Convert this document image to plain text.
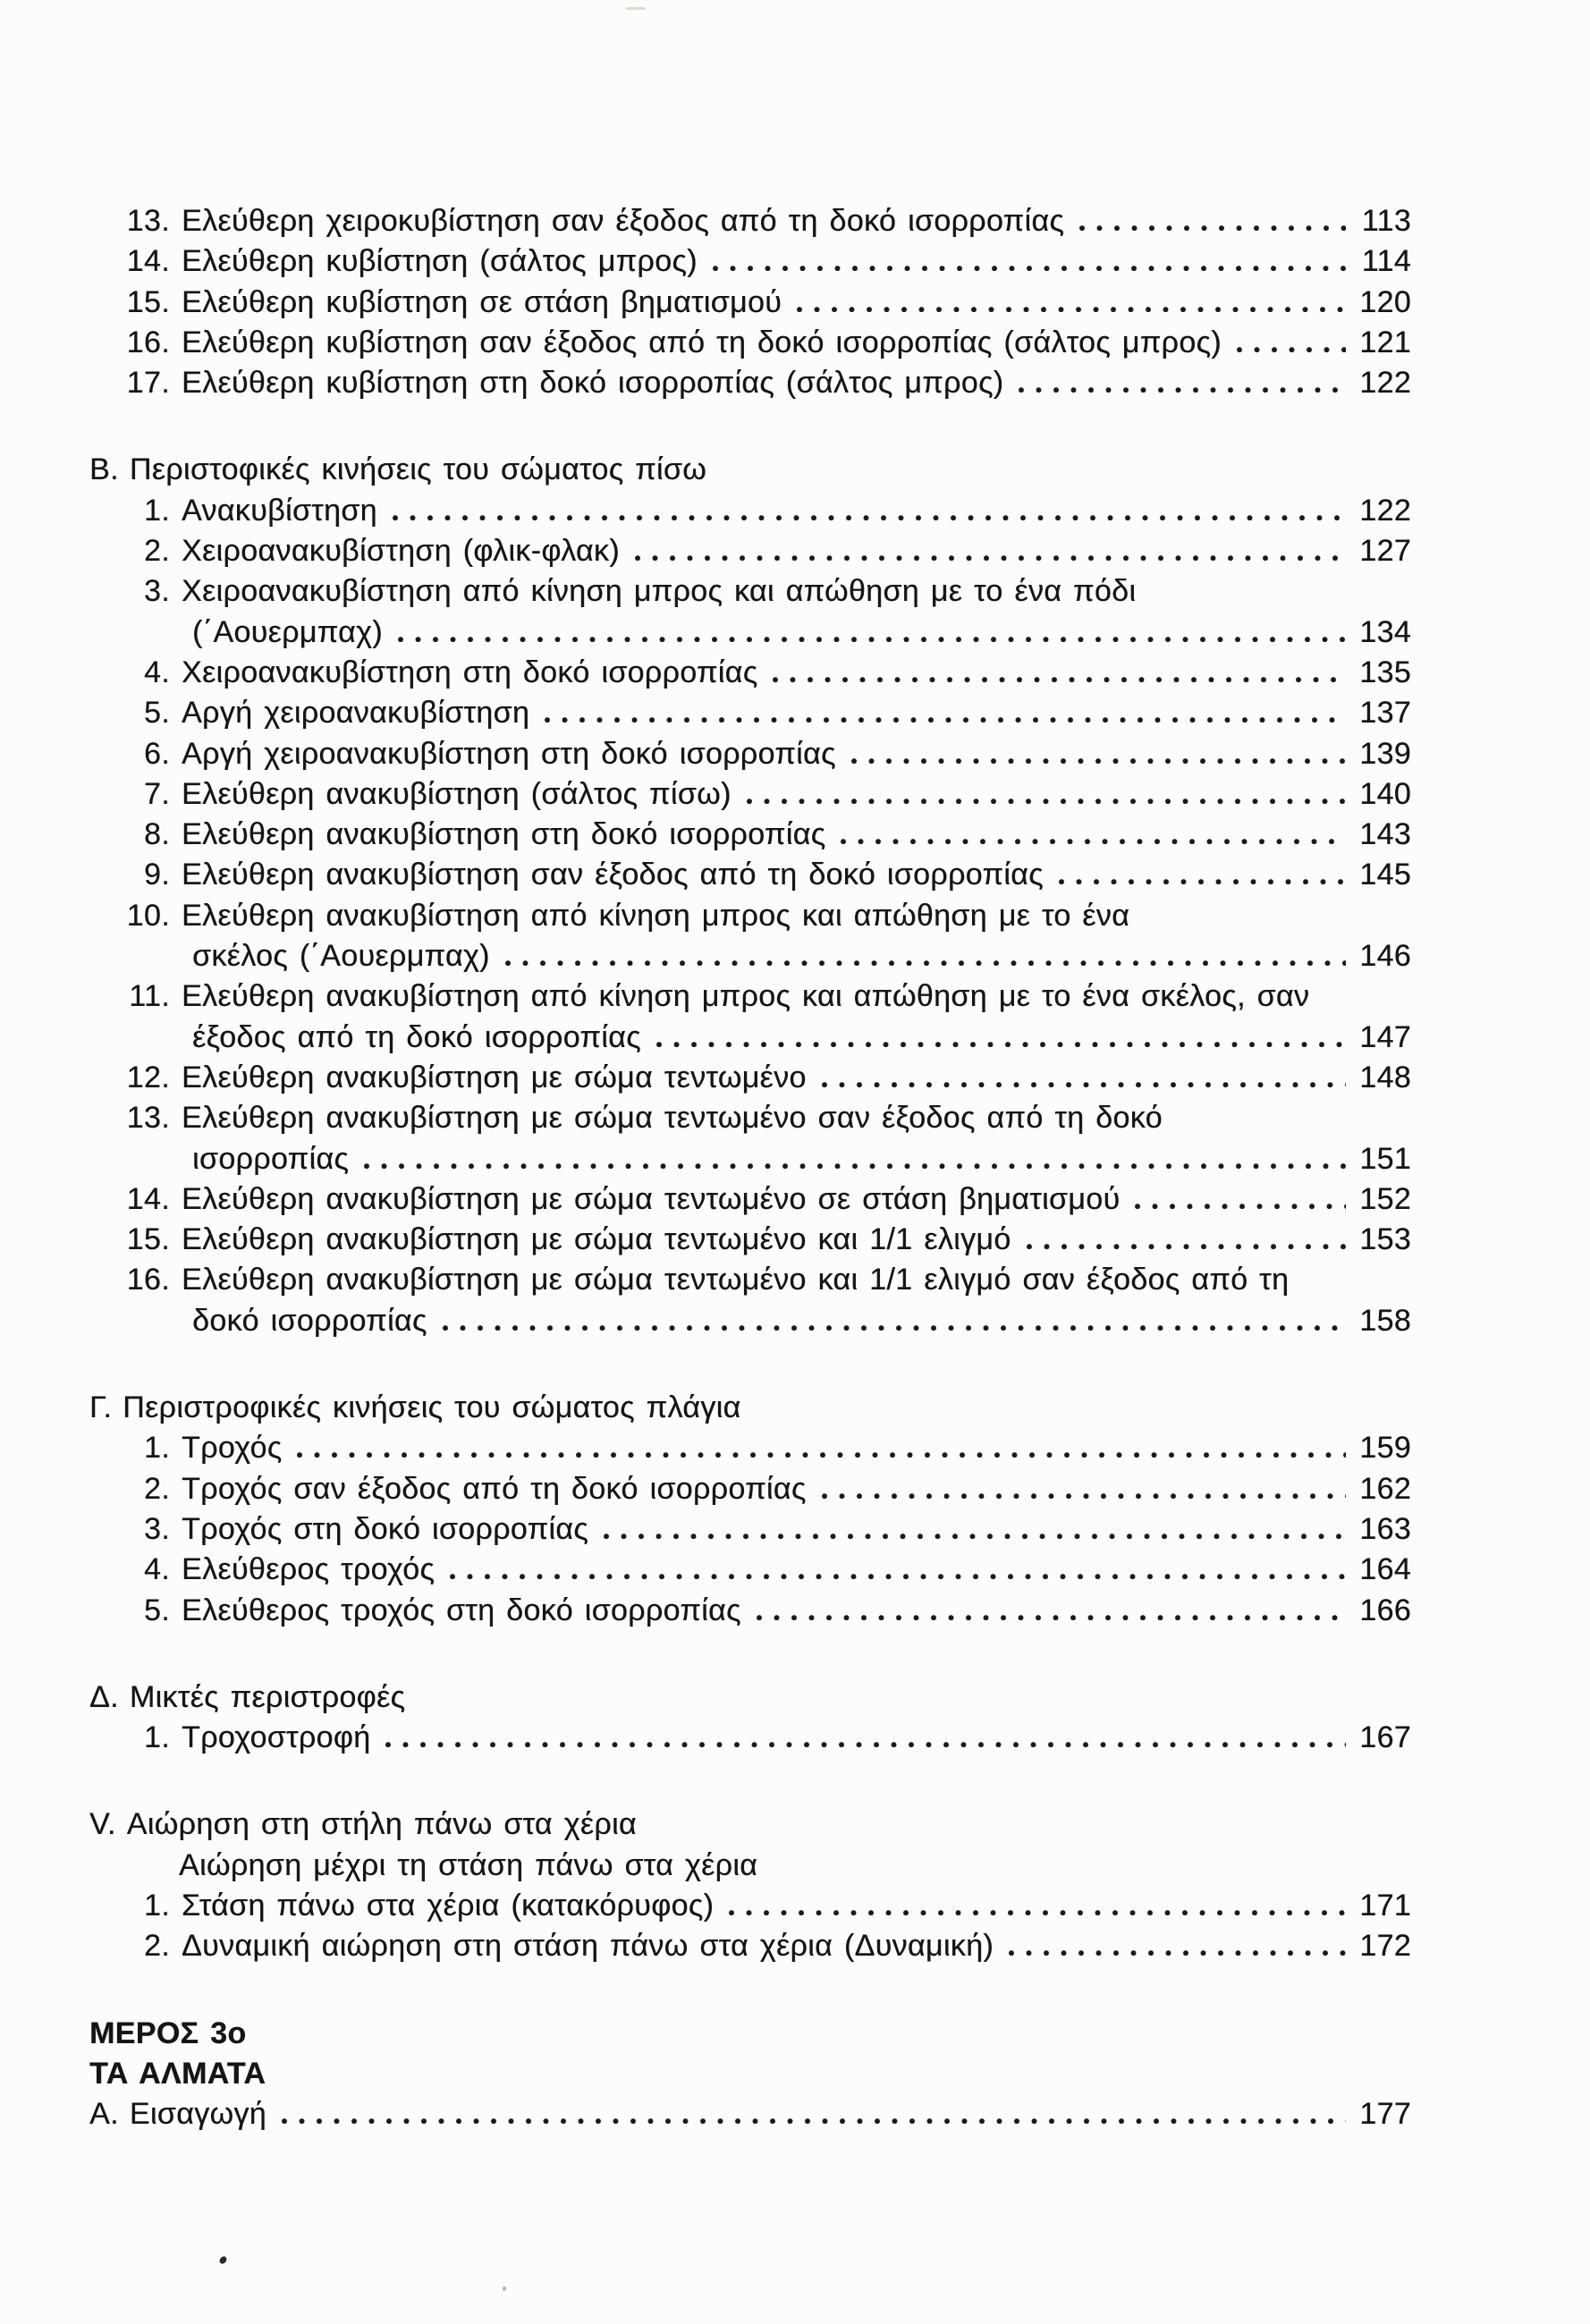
13. Ελεύθερη χειροκυβίστηση σαν έξοδος από τη δοκό ισορροπίας	113
14. Ελεύθερη κυβίστηση (σάλτος μπρος)	114
15. Ελεύθερη κυβίστηση σε στάση βηματισμού	120
16. Ελεύθερη κυβίστηση σαν έξοδος από τη δοκό ισορροπίας (σάλτος μπρος)	121
17. Ελεύθερη κυβίστηση στη δοκό ισορροπίας (σάλτος μπρος)	122
Β. Περιστοφικές κινήσεις του σώματος πίσω
1. Ανακυβίστηση	122
2. Χειροανακυβίστηση (φλικ-φλακ)	127
3. Χειροανακυβίστηση από κίνηση μπρος και απώθηση με το ένα πόδι
(΄Αουερμπαχ)	134
4. Χειροανακυβίστηση στη δοκό ισορροπίας	135
5. Αργή χειροανακυβίστηση	137
6. Αργή χειροανακυβίστηση στη δοκό ισορροπίας	139
7. Ελεύθερη ανακυβίστηση (σάλτος πίσω)	140
8. Ελεύθερη ανακυβίστηση στη δοκό ισορροπίας	143
9. Ελεύθερη ανακυβίστηση σαν έξοδος από τη δοκό ισορροπίας	145
10. Ελεύθερη ανακυβίστηση από κίνηση μπρος και απώθηση με το ένα
σκέλος (΄Αουερμπαχ)	146
11. Ελεύθερη ανακυβίστηση από κίνηση μπρος και απώθηση με το ένα σκέλος, σαν
έξοδος από τη δοκό ισορροπίας	147
12. Ελεύθερη ανακυβίστηση με σώμα τεντωμένο	148
13. Ελεύθερη ανακυβίστηση με σώμα τεντωμένο σαν έξοδος από τη δοκό
ισορροπίας	151
14. Ελεύθερη ανακυβίστηση με σώμα τεντωμένο σε στάση βηματισμού	152
15. Ελεύθερη ανακυβίστηση με σώμα τεντωμένο και 1/1 ελιγμό	153
16. Ελεύθερη ανακυβίστηση με σώμα τεντωμένο και 1/1 ελιγμό σαν έξοδος από τη
δοκό ισορροπίας	158
Γ. Περιστροφικές κινήσεις του σώματος πλάγια
1. Τροχός	159
2. Τροχός σαν έξοδος από τη δοκό ισορροπίας	162
3. Τροχός στη δοκό ισορροπίας	163
4. Ελεύθερος τροχός	164
5. Ελεύθερος τροχός στη δοκό ισορροπίας	166
Δ. Μικτές περιστροφές
1. Τροχοστροφή	167
V. Αιώρηση στη στήλη πάνω στα χέρια
Αιώρηση μέχρι τη στάση πάνω στα χέρια
1. Στάση πάνω στα χέρια (κατακόρυφος)	171
2. Δυναμική αιώρηση στη στάση πάνω στα χέρια (Δυναμική)	172
ΜΕΡΟΣ 3ο
ΤΑ ΑΛΜΑΤΑ
Α. Εισαγωγή	177
